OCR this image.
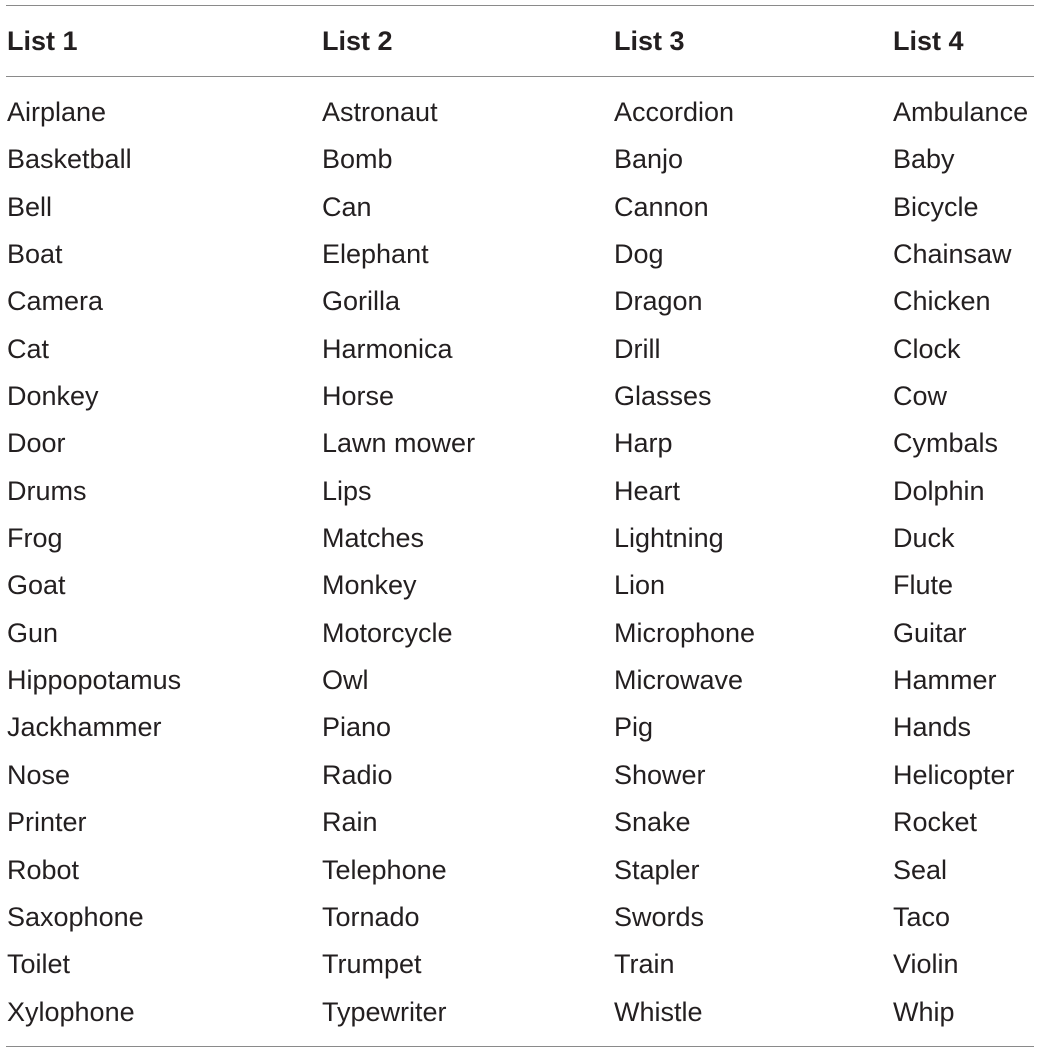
List 1
Airplane
Basketball
Bell
Boat
Camera
Cat
Donkey
Door
Drums
Frog
Goat
Gun
Hippopotamus
Jackhammer
Nose
Printer
Robot
Saxophone
Toilet
Xylophone
List 2
Astronaut
Bomb
Can
Elephant
Gorilla
Harmonica
Horse
Lawn mower
Lips
Matches
Monkey
Motorcycle
Owl
Piano
Radio
Rain
Telephone
Tornado
Trumpet
Typewriter
List 3
Accordion
Banjo
Cannon
Dog
Dragon
Drill
Glasses
Harp
Heart
Lightning
Lion
Microphone
Microwave
Pig
Shower
Snake
Stapler
Swords
Train
Whistle
List 4
Ambulance
Baby
Bicycle
Chainsaw
Chicken
Clock
Cow
Cymbals
Dolphin
Duck
Flute
Guitar
Hammer
Hands
Helicopter
Rocket
Seal
Taco
Violin
Whip
